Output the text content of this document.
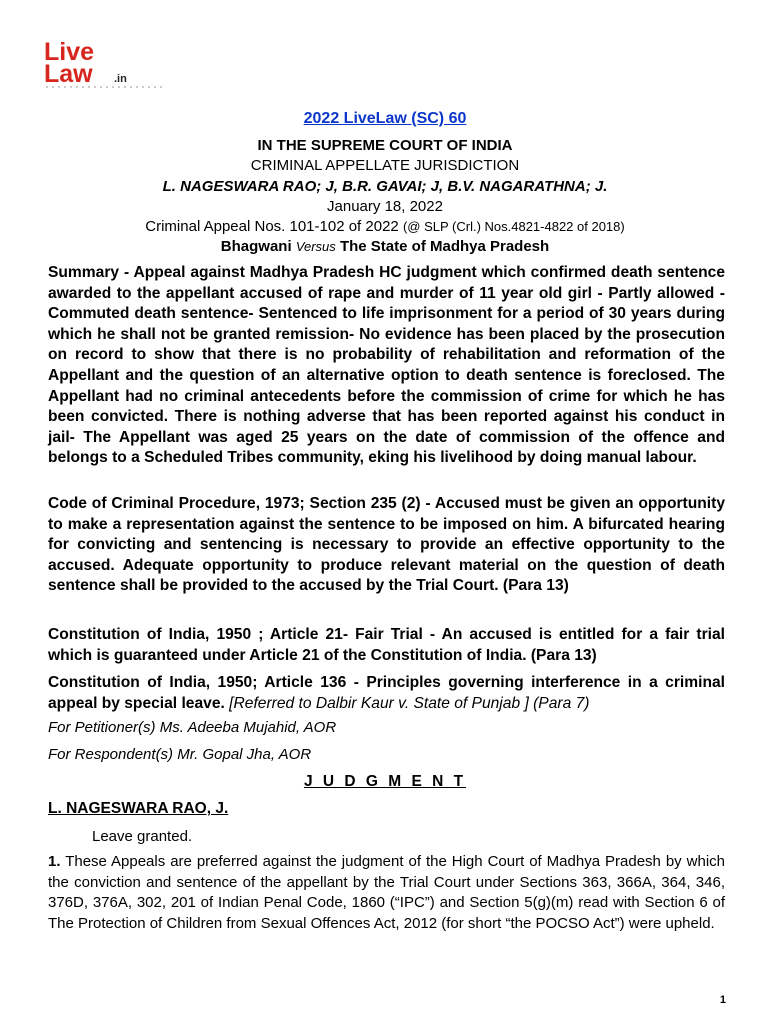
Live
Law .in
2022 LiveLaw (SC) 60
IN THE SUPREME COURT OF INDIA
CRIMINAL APPELLATE JURISDICTION
L. NAGESWARA RAO; J, B.R. GAVAI; J, B.V. NAGARATHNA; J.
January 18, 2022
Criminal Appeal Nos. 101-102 of 2022 (@ SLP (Crl.) Nos.4821-4822 of 2018)
Bhagwani Versus The State of Madhya Pradesh
Summary - Appeal against Madhya Pradesh HC judgment which confirmed death sentence awarded to the appellant accused of rape and murder of 11 year old girl - Partly allowed - Commuted death sentence- Sentenced to life imprisonment for a period of 30 years during which he shall not be granted remission- No evidence has been placed by the prosecution on record to show that there is no probability of rehabilitation and reformation of the Appellant and the question of an alternative option to death sentence is foreclosed. The Appellant had no criminal antecedents before the commission of crime for which he has been convicted. There is nothing adverse that has been reported against his conduct in jail- The Appellant was aged 25 years on the date of commission of the offence and belongs to a Scheduled Tribes community, eking his livelihood by doing manual labour.
Code of Criminal Procedure, 1973; Section 235 (2) - Accused must be given an opportunity to make a representation against the sentence to be imposed on him. A bifurcated hearing for convicting and sentencing is necessary to provide an effective opportunity to the accused. Adequate opportunity to produce relevant material on the question of death sentence shall be provided to the accused by the Trial Court. (Para 13)
Constitution of India, 1950 ; Article 21- Fair Trial - An accused is entitled for a fair trial which is guaranteed under Article 21 of the Constitution of India. (Para 13)
Constitution of India, 1950; Article 136 - Principles governing interference in a criminal appeal by special leave. [Referred to Dalbir Kaur v. State of Punjab ] (Para 7)
For Petitioner(s) Ms. Adeeba Mujahid, AOR
For Respondent(s) Mr. Gopal Jha, AOR
J U D G M E N T
L. NAGESWARA RAO, J.
Leave granted.
1. These Appeals are preferred against the judgment of the High Court of Madhya Pradesh by which the conviction and sentence of the appellant by the Trial Court under Sections 363, 366A, 364, 346, 376D, 376A, 302, 201 of Indian Penal Code, 1860 (“IPC”) and Section 5(g)(m) read with Section 6 of The Protection of Children from Sexual Offences Act, 2012 (for short “the POCSO Act”) were upheld.
1
